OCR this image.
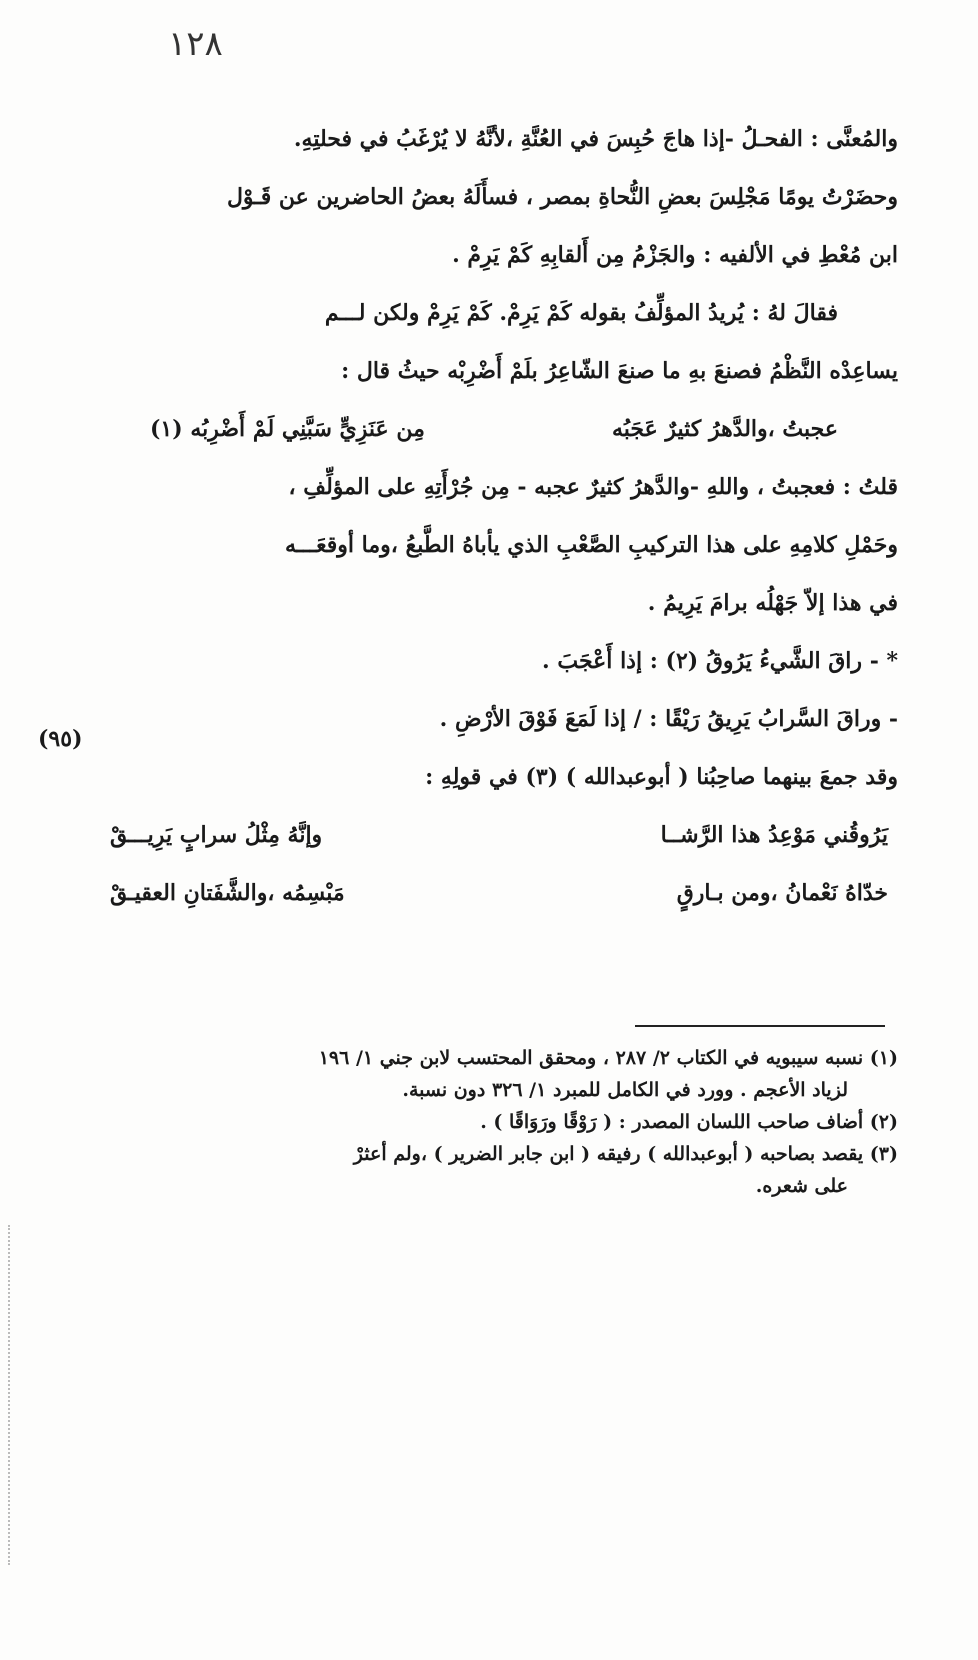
١٢٨
والمُعنَّى : الفحـلُ -إذا هاجَ حُبِسَ في العُنَّةِ ،لأنَّهُ لا يُرْغَبُ في فحلتِهِ.
وحضَرْتُ يومًا مَجْلِسَ بعضِ النُّحاةِ بمصر ، فسأَلَهُ بعضُ الحاضرين عن قَـوْل
ابن مُعْطِ في الألفيه : والجَزْمُ مِن أَلقابِهِ كَمْ يَرِمْ .
فقالَ لهُ : يُريدُ المؤلِّفُ بقوله كَمْ يَرِمْ. كَمْ يَرِمْ ولكن لـــم
يساعِدْه النَّظْمُ فصنعَ بهِ ما صنعَ الشّاعِرُ بلَمْ أَضْرِبْه حيثُ قال :
عجبتُ ،والدَّهرُ كثيرٌ عَجَبُه
مِن عَنَزِيٍّ سَبَّنِي لَمْ أَضْرِبُه (١)
قلتُ : فعجبتُ ، واللهِ -والدَّهرُ كثيرٌ عجبه - مِن جُرْأَتِهِ على المؤلِّفِ ،
وحَمْلِ كلامِهِ على هذا التركيبِ الصَّعْبِ الذي يأباهُ الطَّبعُ ،وما أوقعَـــه
في هذا إلاّ جَهْلُه برامَ يَرِيمُ .
* - راقَ الشَّيءُ يَرُوقُ (٢) : إذا أَعْجَبَ .
- وراقَ السَّرابُ يَرِيقُ رَيْقًا : / إذا لَمَعَ فَوْقَ الأرْضِ .
وقد جمعَ بينهما صاحِبُنا ( أبوعبدالله ) (٣) في قولِهِ :
يَرُوقُني مَوْعِدُ هذا الرَّشــا
وإنَّهُ مِثْلُ سرابٍ يَرِيـــقْ
خدّاهُ نَعْمانُ ،ومن بـارقٍ
مَبْسِمُه ،والشَّفَتانِ العقيـقْ
(٩٥)
(١) نسبه سيبويه في الكتاب ٢/ ٢٨٧ ، ومحقق المحتسب لابن جني ١/ ١٩٦
لزياد الأعجم . وورد في الكامل للمبرد ١/ ٣٢٦ دون نسبة.
(٢) أضاف صاحب اللسان المصدر : ( رَوْقًا ورَوَاقًا ) .
(٣) يقصد بصاحبه ( أبوعبدالله ) رفيقه ( ابن جابر الضرير ) ،ولم أعثرْ
على شعره.
